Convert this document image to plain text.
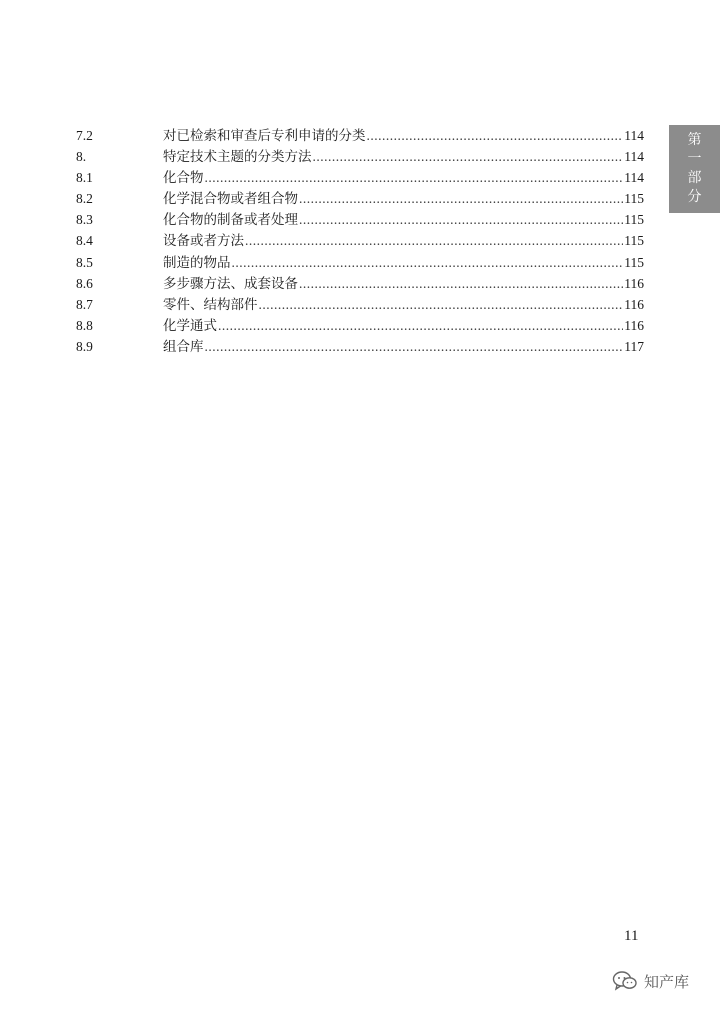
7.2	对已检索和审查后专利申请的分类 .....	114
8.	特定技术主题的分类方法 .....	114
8.1	化合物 .....	114
8.2	化学混合物或者组合物 .....	115
8.3	化合物的制备或者处理 .....	115
8.4	设备或者方法 .....	115
8.5	制造的物品 .....	115
8.6	多步骤方法、成套设备 .....	116
8.7	零件、结构部件 .....	116
8.8	化学通式 .....	116
8.9	组合库 .....	117
第
一
部
分
11
知产库
